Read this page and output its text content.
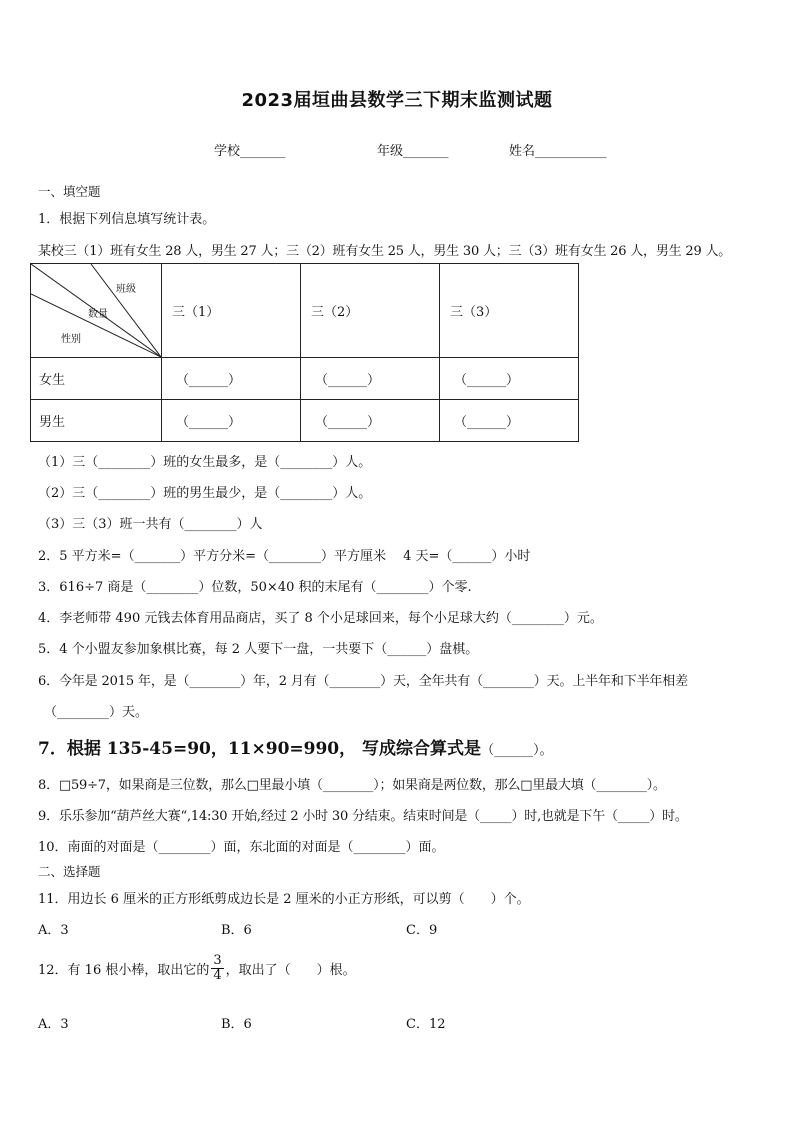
2023届垣曲县数学三下期末监测试题
学校_______	年级_______	姓名___________
一、填空题
1．根据下列信息填写统计表。
某校三（1）班有女生 28 人，男生 27 人；三（2）班有女生 25 人，男生 30 人；三（3）班有女生 26 人，男生 29 人。
班级
数量
性别	三（1）	三（2）	三（3）
女生	（______）	（______）	（______）
男生	（______）	（______）	（______）
（1）三（________）班的女生最多，是（________）人。
（2）三（________）班的男生最少，是（________）人。
（3）三（3）班一共有（________）人
2．5 平方米=（_______）平方分米=（________）平方厘米　 4 天=（______）小时
3．616÷7 商是（________）位数，50×40 积的末尾有（________）个零.
4．李老师带 490 元钱去体育用品商店，买了 8 个小足球回来，每个小足球大约（________）元。
5．4 个小盟友参加象棋比赛，每 2 人要下一盘，一共要下（______）盘棋。
6．今年是 2015 年，是（________）年，2 月有（________）天，全年共有（________）天。上半年和下半年相差
（________）天。
7．根据 135-45=90，11×90=990， 写成综合算式是（______）。
8．□59÷7，如果商是三位数，那么□里最小填（________）；如果商是两位数，那么□里最大填（________）。
9．乐乐参加“葫芦丝大赛“,14:30 开始,经过 2 小时 30 分结束。结束时间是（_____）时,也就是下午（_____）时。
10．南面的对面是（________）面，东北面的对面是（________）面。
二、选择题
11．用边长 6 厘米的正方形纸剪成边长是 2 厘米的小正方形纸，可以剪（　　）个。
A．3	B．6	C．9
12．有 16 根小棒，取出它的 $\frac{3}{4}$ ，取出了（　　）根。
A．3	B．6	C．12
